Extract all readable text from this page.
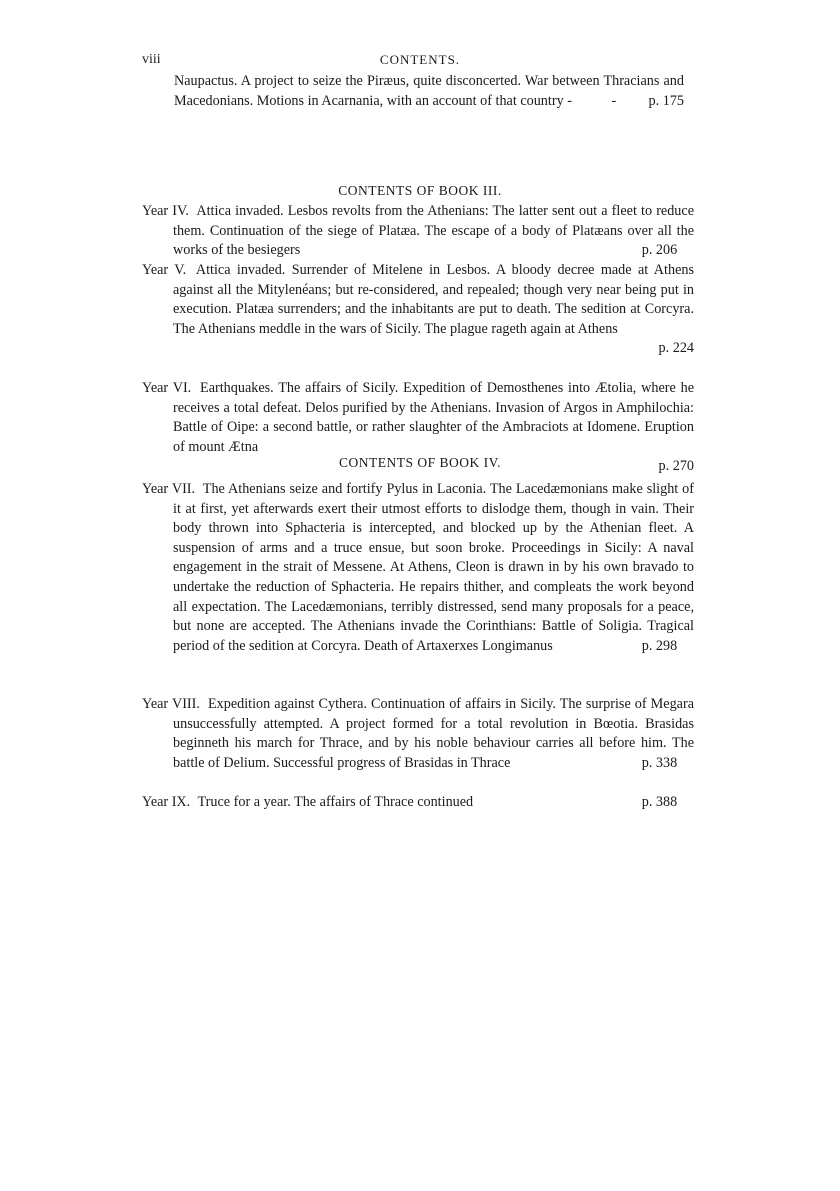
viii	CONTENTS.
Naupactus. A project to seize the Piræus, quite disconcerted. War between Thracians and Macedonians. Motions in Acarnania, with an account of that country - - p. 175
CONTENTS OF BOOK III.
Year IV. Attica invaded. Lesbos revolts from the Athenians: The latter sent out a fleet to reduce them. Continuation of the siege of Platæa. The escape of a body of Platæans over all the works of the besiegers	p. 206
Year V. Attica invaded. Surrender of Mitelene in Lesbos. A bloody decree made at Athens against all the Mitylenéans; but re-considered, and repealed; though very near being put in execution. Platæa surrenders; and the inhabitants are put to death. The sedition at Corcyra. The Athenians meddle in the wars of Sicily. The plague rageth again at Athens
p. 224
Year VI. Earthquakes. The affairs of Sicily. Expedition of Demosthenes into Ætolia, where he receives a total defeat. Delos purified by the Athenians. Invasion of Argos in Amphilochia: Battle of Oipe: a second battle, or rather slaughter of the Ambraciots at Idomene. Eruption of mount Ætna
p. 270
CONTENTS OF BOOK IV.
Year VII. The Athenians seize and fortify Pylus in Laconia. The Lacedæmonians make slight of it at first, yet afterwards exert their utmost efforts to dislodge them, though in vain. Their body thrown into Sphacteria is intercepted, and blocked up by the Athenian fleet. A suspension of arms and a truce ensue, but soon broke. Proceedings in Sicily: A naval engagement in the strait of Messene. At Athens, Cleon is drawn in by his own bravado to undertake the reduction of Sphacteria. He repairs thither, and compleats the work beyond all expectation. The Lacedæmonians, terribly distressed, send many proposals for a peace, but none are accepted. The Athenians invade the Corinthians: Battle of Soligia. Tragical period of the sedition at Corcyra. Death of Artaxerxes Longimanus	p. 298
Year VIII. Expedition against Cythera. Continuation of affairs in Sicily. The surprise of Megara unsuccessfully attempted. A project formed for a total revolution in Bœotia. Brasidas beginneth his march for Thrace, and by his noble behaviour carries all before him. The battle of Delium. Successful progress of Brasidas in Thrace	p. 338
Year IX. Truce for a year. The affairs of Thrace continued	p. 388
